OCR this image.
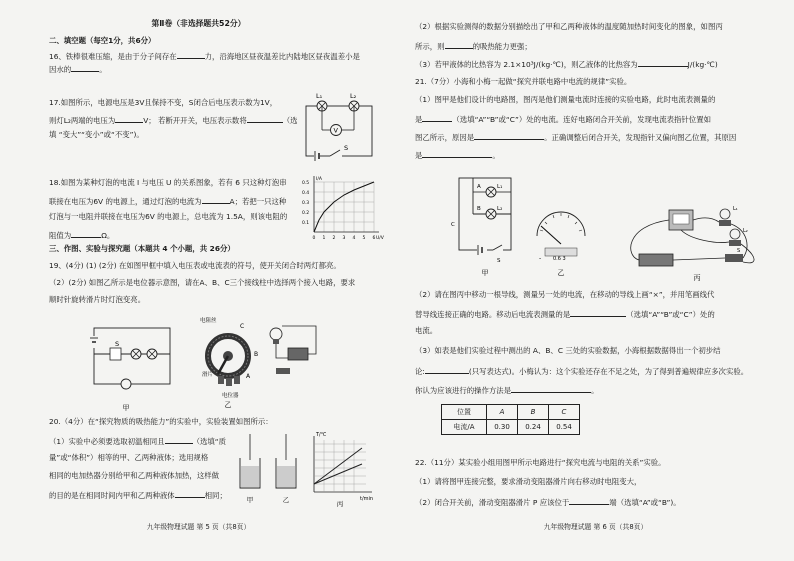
第Ⅱ卷（非选择题共52分）
二、填空题（每空1分，共6分）
16、铁棒很难压缩，是由于分子间存在	力，沿海地区昼夜温差比内陆地区昼夜温差小是
因水的	。
17.如图所示，电源电压是3V且保持不变，S闭合后电压表示数为1V，
则灯L₂两端的电压为	V； 若断开开关，电压表示数将	（选
填 “变大”“变小”或“不变”)。
L₁	L₂
V
S
18.如图为某种灯泡的电流 I 与电压 U 的关系图象，若有 6 只这种灯泡串
联接在电压为6V 的电源上，通过灯泡的电流为	A；若把一只这种
灯泡与一电阻并联接在电压为6V 的电源上，总电流为 1.5A，则该电阻的
阻值为	Ω。
0.5
0.4
0.3
0.2
0.1
0 1 2 3 4 5 6
I/A
U/V
三、作图、实验与探究题（本题共 4 个小题，共 26分）
19、(4分) (1) (2分) 在如图甲框中填入电压表或电流表的符号，使开关闭合时两灯都亮。
（2）(2分) 如图乙所示是电位器示意图，请在A、B、C三个接线柱中选择两个接入电路，要求
顺时针旋转滑片时灯泡变亮。
S
甲
电阻丝
滑片
电位器
C
B
A
乙
20.（4分）在“探究物质的吸热能力”的实验中，实验装置如图所示：
（1）实验中必须要选取初温相同且	（选填“质
量”或“体积”）相等的甲、乙两种液体；选用规格
相同的电加热器分别给甲和乙两种液体加热，这样做
的目的是在相同时间内甲和乙两种液体	相同；	甲	乙
T/℃
t/min
丙
九年级物理试题 第 5 页（共8页）
（2）根据实验测得的数据分别描绘出了甲和乙两种液体的温度随加热时间变化的图象，如图丙
所示，则	的吸热能力更强；
（3）若甲液体的比热容为 2.1×10³J/(kg·℃)，则乙液体的比热容为	J/(kg·℃)
21.（7分）小海和小梅一起做“探究并联电路中电流的规律”实验。
（1）图甲是他们设计的电路图，图丙是他们测量电流时连接的实验电路，此时电流表测量的
是	（选填“A”“B”或“C”）处的电流。连好电路闭合开关前，发现电流表指针位置如
图乙所示，原因是	。正确调整后闭合开关，发现指针又偏向图乙位置，其原因
是	。
L₁
L₂
A
B
C
S
甲
- 0.6 3
乙
L₁
L₂
S
丙
（2）请在图丙中移动一根导线，测量另一处的电流，在移动的导线上画“×”，并用笔画线代
替导线连接正确的电路。移动后电流表测量的是	（选填“A”“B”或“C”）处的
电流。
（3）如表是他们实验过程中测出的 A、B、C 三处的实验数据，小海根据数据得出一个初步结
论:	(只写表达式)。小梅认为：这个实验还存在不足之处，为了得到普遍规律应多次实验。
你认为应该进行的操作方法是	。
位置	A	B	C
电流/A	0.30	0.24	0.54
22.（11分）某实验小组用图甲所示电路进行“探究电流与电阻的关系”实验。
（1）请将图甲连接完整，要求滑动变阻器滑片向右移动时电阻变大，
（2）闭合开关前，滑动变阻器滑片 P 应该位于	端（选填“A”或“B”)。
九年级物理试题 第 6 页（共8页）
